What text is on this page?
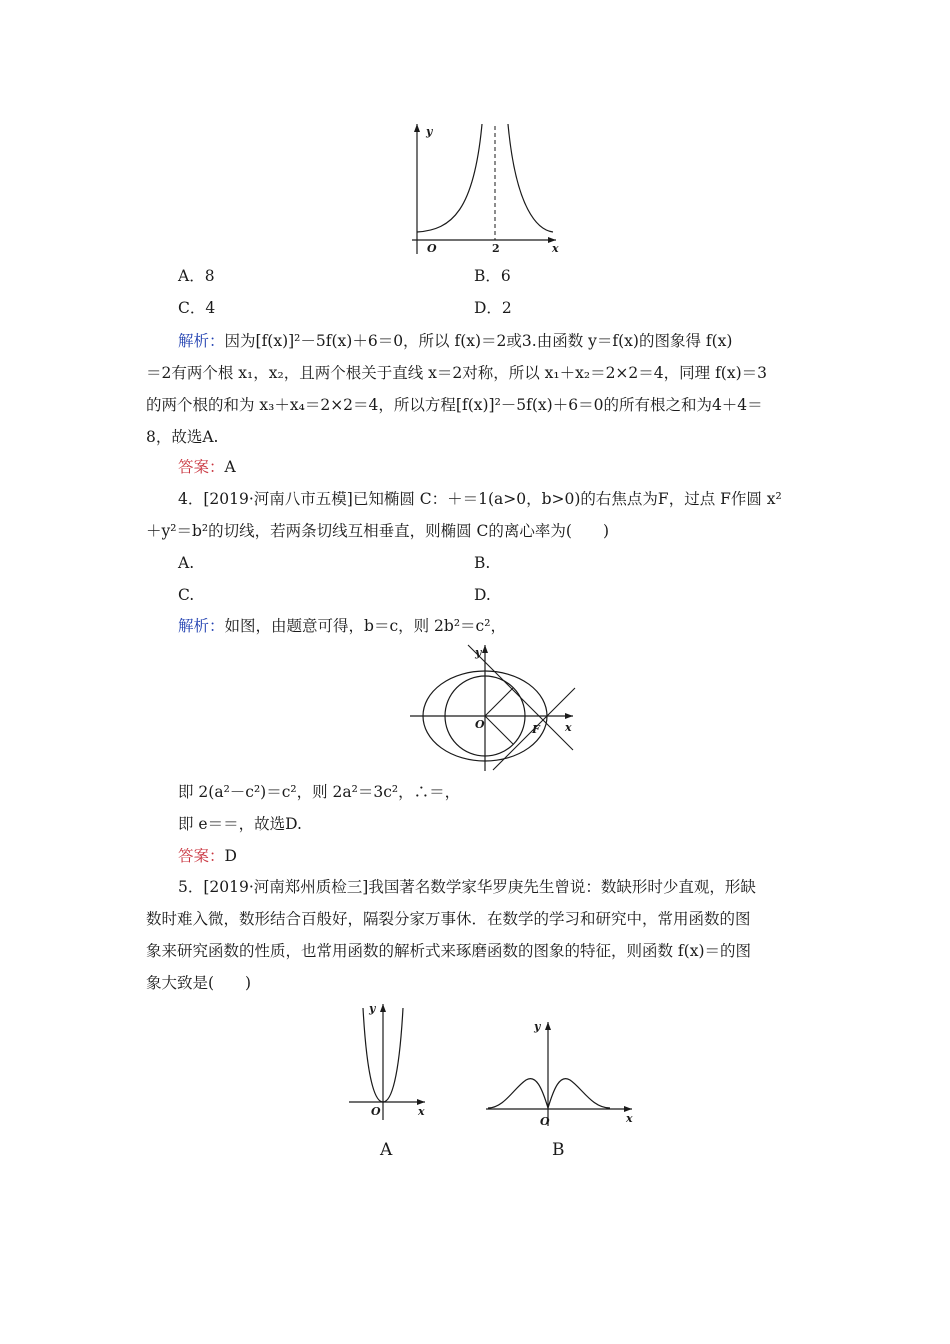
y
x
O	2
A．8	B．6
C．4	D．2
解析：因为[f(x)]²－5f(x)＋6＝0，所以 f(x)＝2或3.由函数 y＝f(x)的图象得 f(x)
＝2有两个根 x₁，x₂，且两个根关于直线 x＝2对称，所以 x₁＋x₂＝2×2＝4，同理 f(x)＝3
的两个根的和为 x₃＋x₄＝2×2＝4，所以方程[f(x)]²－5f(x)＋6＝0的所有根之和为4＋4＝
8，故选A.
答案：A
4．[2019·河南八市五模]已知椭圆 C：＋＝1(a>0，b>0)的右焦点为F，过点 F作圆 x²
＋y²＝b²的切线，若两条切线互相垂直，则椭圆 C的离心率为(　　)
A.	B.
C.	D.
解析：如图，由题意可得，b＝c，则 2b²＝c²，
y
x
O	F
即 2(a²－c²)＝c²，则 2a²＝3c²，∴＝，
即 e＝＝，故选D.
答案：D
5．[2019·河南郑州质检三]我国著名数学家华罗庚先生曾说：数缺形时少直观，形缺
数时难入微，数形结合百般好，隔裂分家万事休．在数学的学习和研究中，常用函数的图
象来研究函数的性质，也常用函数的解析式来琢磨函数的图象的特征，则函数 f(x)＝的图
象大致是(　　)
y
x
O
A
y
x
O
B
